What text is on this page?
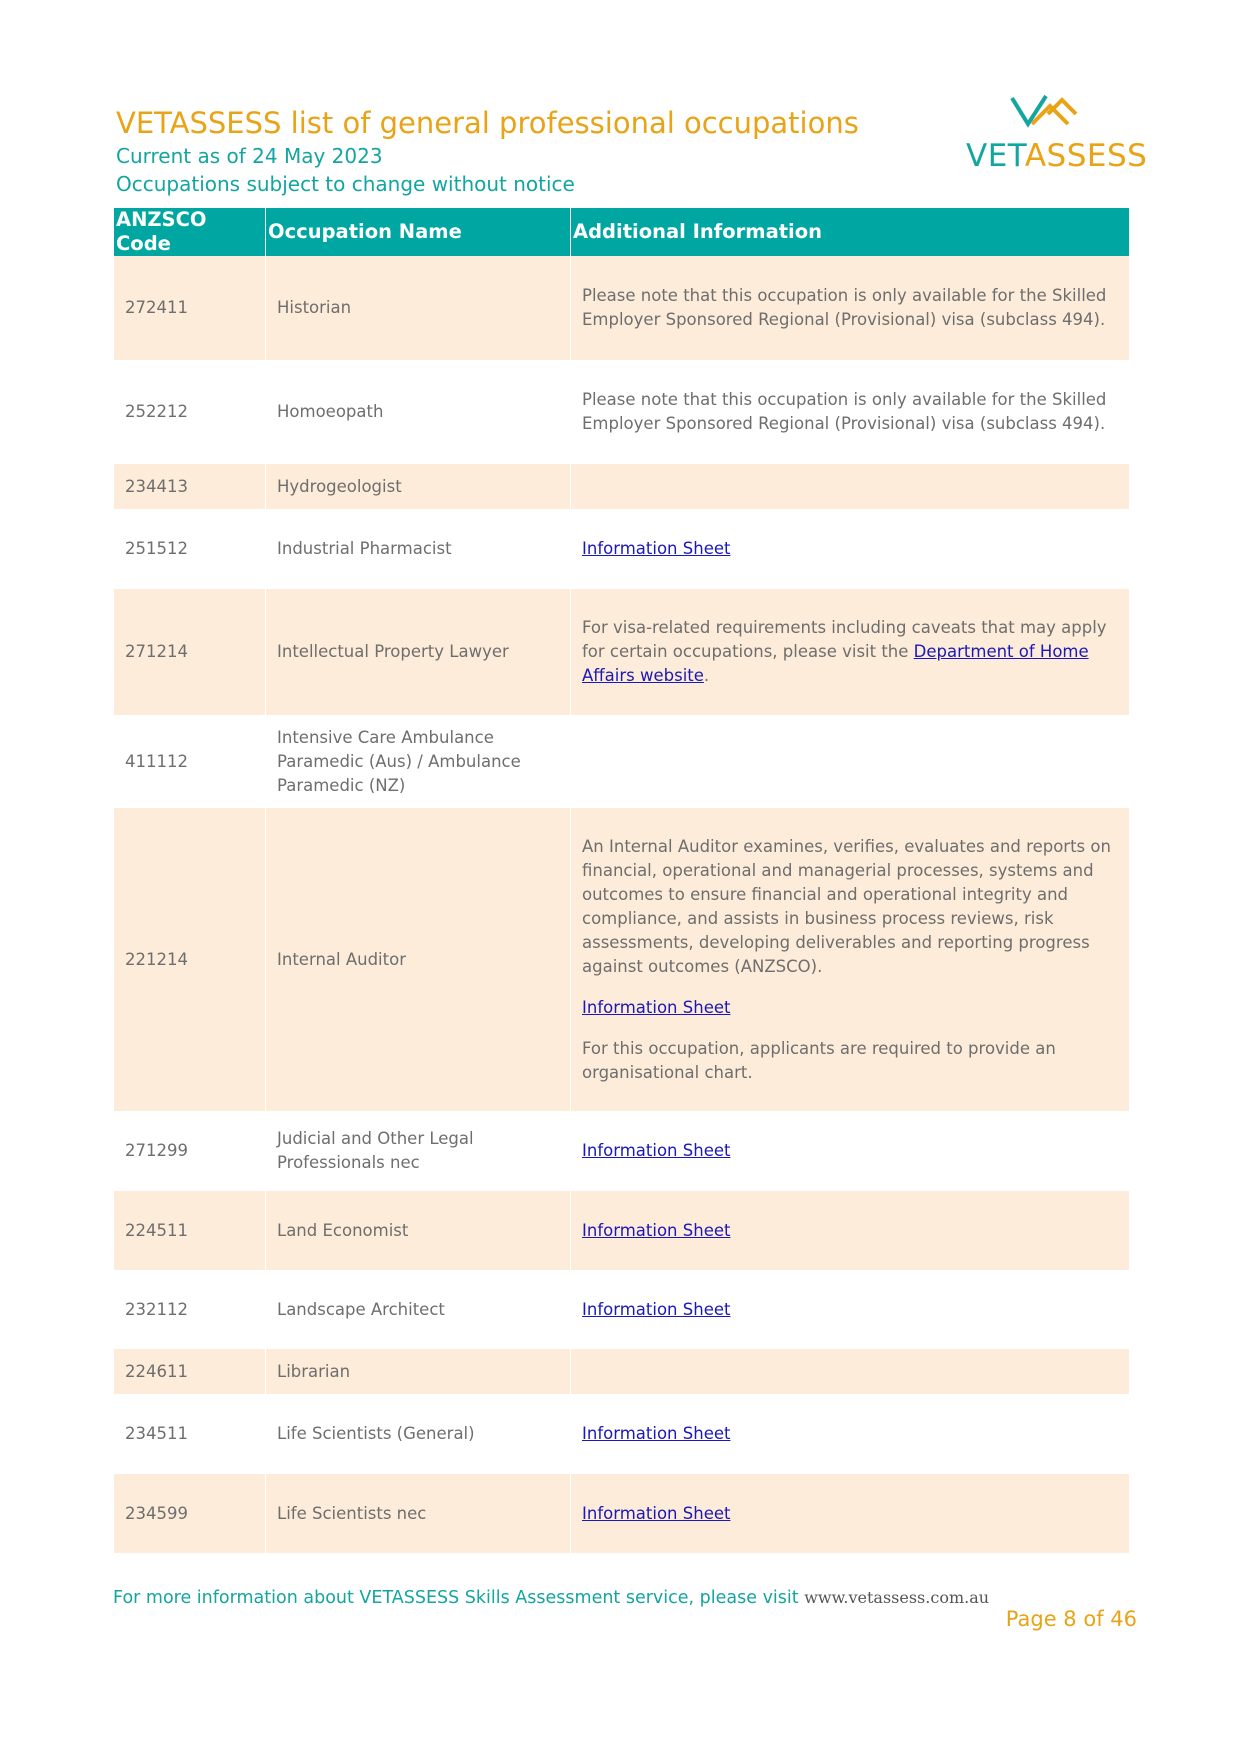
VETASSESS list of general professional occupations
Current as of 24 May 2023
Occupations subject to change without notice
VETASSESS
ANZSCO Code	Occupation Name	Additional Information
272411	Historian	Please note that this occupation is only available for the Skilled Employer Sponsored Regional (Provisional) visa (subclass 494).
252212	Homoeopath	Please note that this occupation is only available for the Skilled Employer Sponsored Regional (Provisional) visa (subclass 494).
234413	Hydrogeologist	
251512	Industrial Pharmacist	Information Sheet
271214	Intellectual Property Lawyer	For visa-related requirements including caveats that may apply for certain occupations, please visit the Department of Home Affairs website.
411112	Intensive Care Ambulance Paramedic (Aus) / Ambulance Paramedic (NZ)	
221214	Internal Auditor	An Internal Auditor examines, verifies, evaluates and reports on financial, operational and managerial processes, systems and outcomes to ensure financial and operational integrity and compliance, and assists in business process reviews, risk assessments, developing deliverables and reporting progress against outcomes (ANZSCO).

Information Sheet

For this occupation, applicants are required to provide an organisational chart.

271299	Judicial and Other Legal Professionals nec	Information Sheet
224511	Land Economist	Information Sheet
232112	Landscape Architect	Information Sheet
224611	Librarian	
234511	Life Scientists (General)	Information Sheet
234599	Life Scientists nec	Information Sheet
For more information about VETASSESS Skills Assessment service, please visit www.vetassess.com.au
Page 8 of 46
